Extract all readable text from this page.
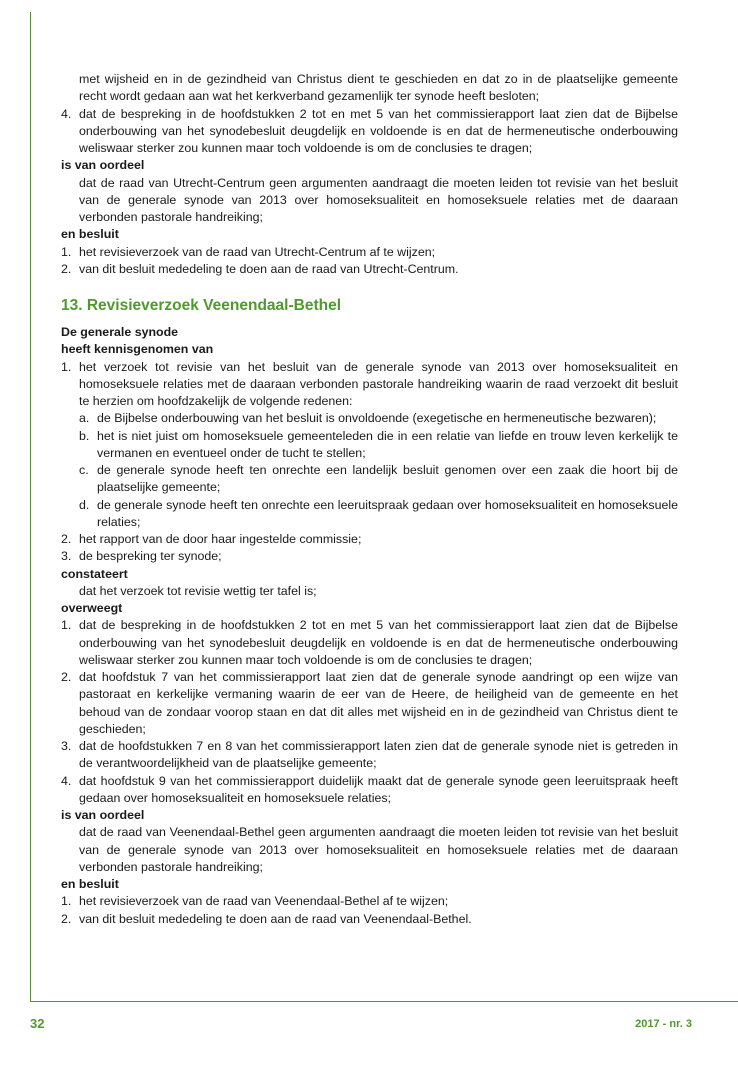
met wijsheid en in de gezindheid van Christus dient te geschieden en dat zo in de plaatselijke gemeente recht wordt gedaan aan wat het kerkverband gezamenlijk ter synode heeft besloten;

4. dat de bespreking in de hoofdstukken 2 tot en met 5 van het commissierapport laat zien dat de Bijbelse onderbouwing van het synodebesluit deugdelijk en voldoende is en dat de hermeneutische onderbouwing weliswaar sterker zou kunnen maar toch voldoende is om de conclusies te dragen;

is van oordeel

dat de raad van Utrecht-Centrum geen argumenten aandraagt die moeten leiden tot revisie van het besluit van de generale synode van 2013 over homoseksualiteit en homoseksuele relaties met de daaraan verbonden pastorale handreiking;

en besluit

1. het revisieverzoek van de raad van Utrecht-Centrum af te wijzen;
2. van dit besluit mededeling te doen aan de raad van Utrecht-Centrum.
13. Revisieverzoek Veenendaal-Bethel

De generale synode

heeft kennisgenomen van

1. het verzoek tot revisie van het besluit van de generale synode van 2013 over homoseksualiteit en homoseksuele relaties met de daaraan verbonden pastorale handreiking waarin de raad verzoekt dit besluit te herzien om hoofdzakelijk de volgende redenen:
a. de Bijbelse onderbouwing van het besluit is onvoldoende (exegetische en hermeneutische bezwaren);
b. het is niet juist om homoseksuele gemeenteleden die in een relatie van liefde en trouw leven kerkelijk te vermanen en eventueel onder de tucht te stellen;
c. de generale synode heeft ten onrechte een landelijk besluit genomen over een zaak die hoort bij de plaatselijke gemeente;
d. de generale synode heeft ten onrechte een leeruitspraak gedaan over homoseksualiteit en homoseksuele relaties;
2. het rapport van de door haar ingestelde commissie;
3. de bespreking ter synode;

constateert

dat het verzoek tot revisie wettig ter tafel is;

overweegt

1. dat de bespreking in de hoofdstukken 2 tot en met 5 van het commissierapport laat zien dat de Bijbelse onderbouwing van het synodebesluit deugdelijk en voldoende is en dat de hermeneutische onderbouwing weliswaar sterker zou kunnen maar toch voldoende is om de conclusies te dragen;
2. dat hoofdstuk 7 van het commissierapport laat zien dat de generale synode aandringt op een wijze van pastoraat en kerkelijke vermaning waarin de eer van de Heere, de heiligheid van de gemeente en het behoud van de zondaar voorop staan en dat dit alles met wijsheid en in de gezindheid van Christus dient te geschieden;
3. dat de hoofdstukken 7 en 8 van het commissierapport laten zien dat de generale synode niet is getreden in de verantwoordelijkheid van de plaatselijke gemeente;
4. dat hoofdstuk 9 van het commissierapport duidelijk maakt dat de generale synode geen leeruitspraak heeft gedaan over homoseksualiteit en homoseksuele relaties;

is van oordeel

dat de raad van Veenendaal-Bethel geen argumenten aandraagt die moeten leiden tot revisie van het besluit van de generale synode van 2013 over homoseksualiteit en homoseksuele relaties met de daaraan verbonden pastorale handreiking;

en besluit

1. het revisieverzoek van de raad van Veenendaal-Bethel af te wijzen;
2. van dit besluit mededeling te doen aan de raad van Veenendaal-Bethel.
32	2017 - nr. 3
